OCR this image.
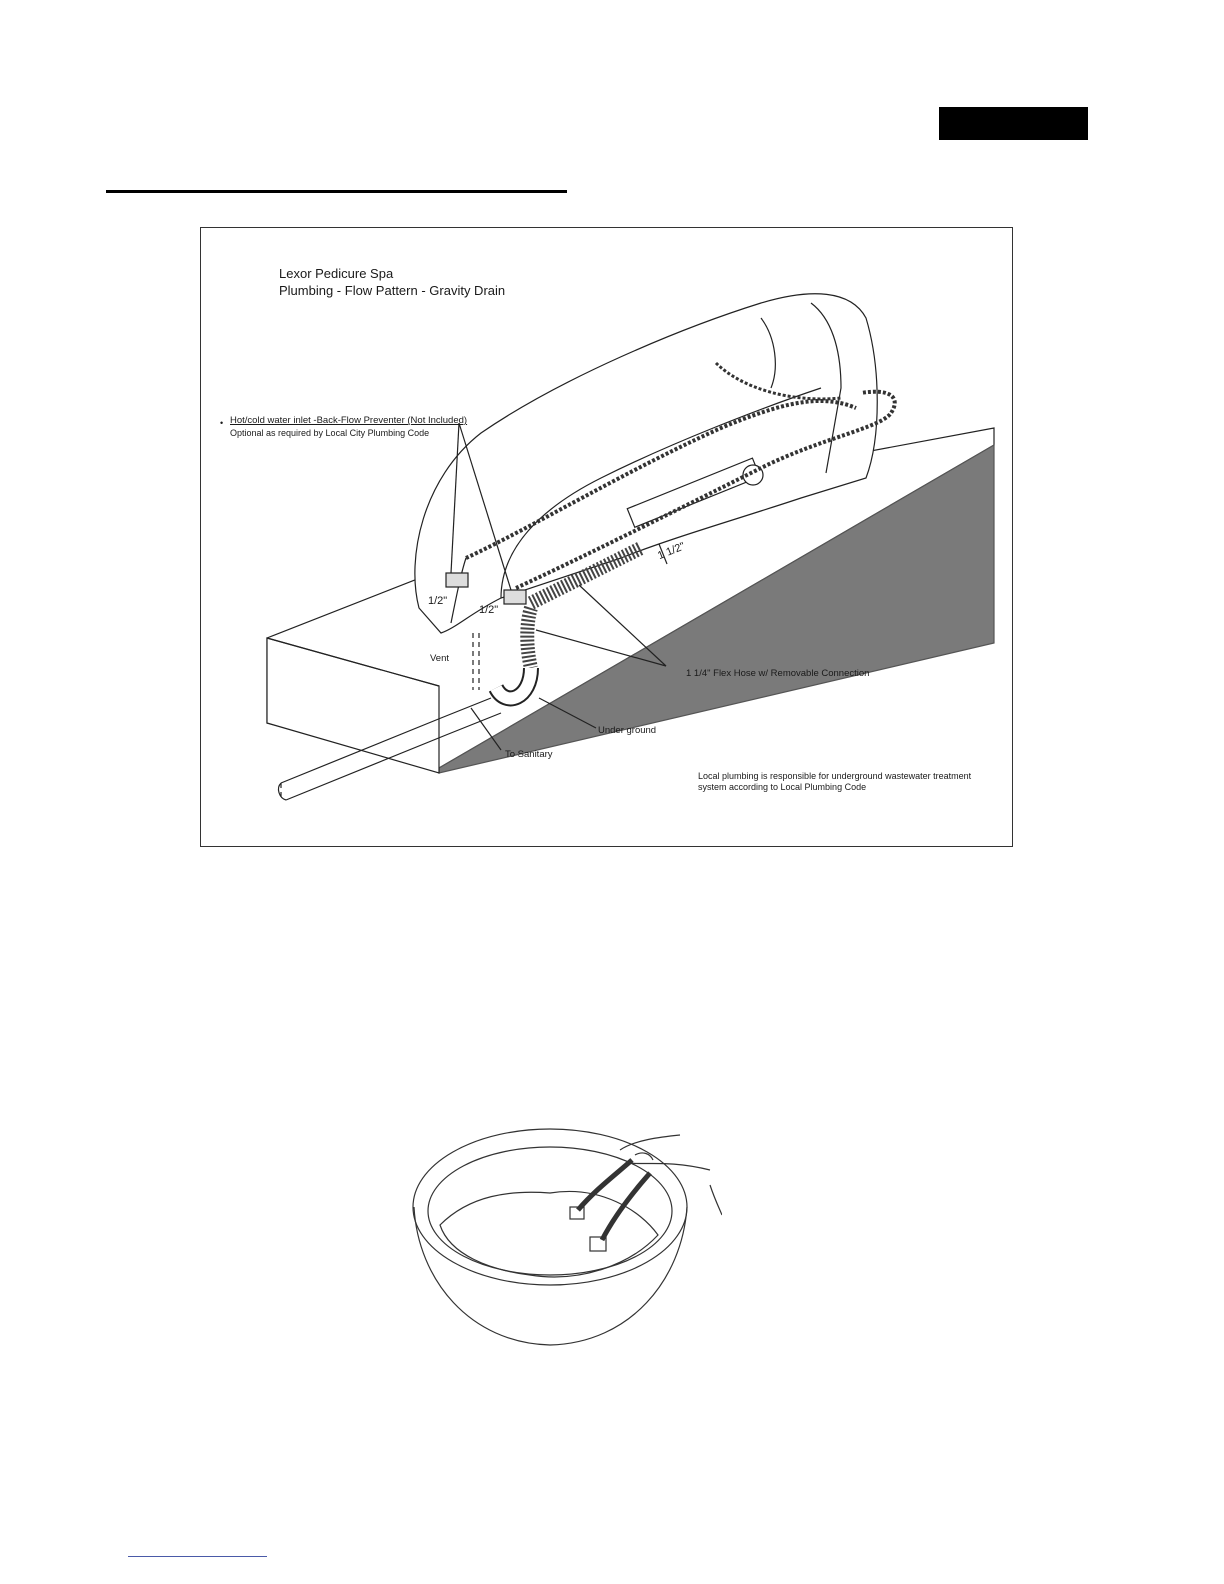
Lexor Pedicure Spa
Plumbing - Flow Pattern - Gravity Drain
• Hot/cold water inlet -Back-Flow Preventer (Not Included)
Optional as required by Local City Plumbing Code
1/2"
1/2"
1 1/2"
Vent
1 1/4" Flex Hose w/ Removable Connection
Under ground
To Sanitary
Local plumbing is responsible for underground wastewater treatment
system according to Local Plumbing Code
